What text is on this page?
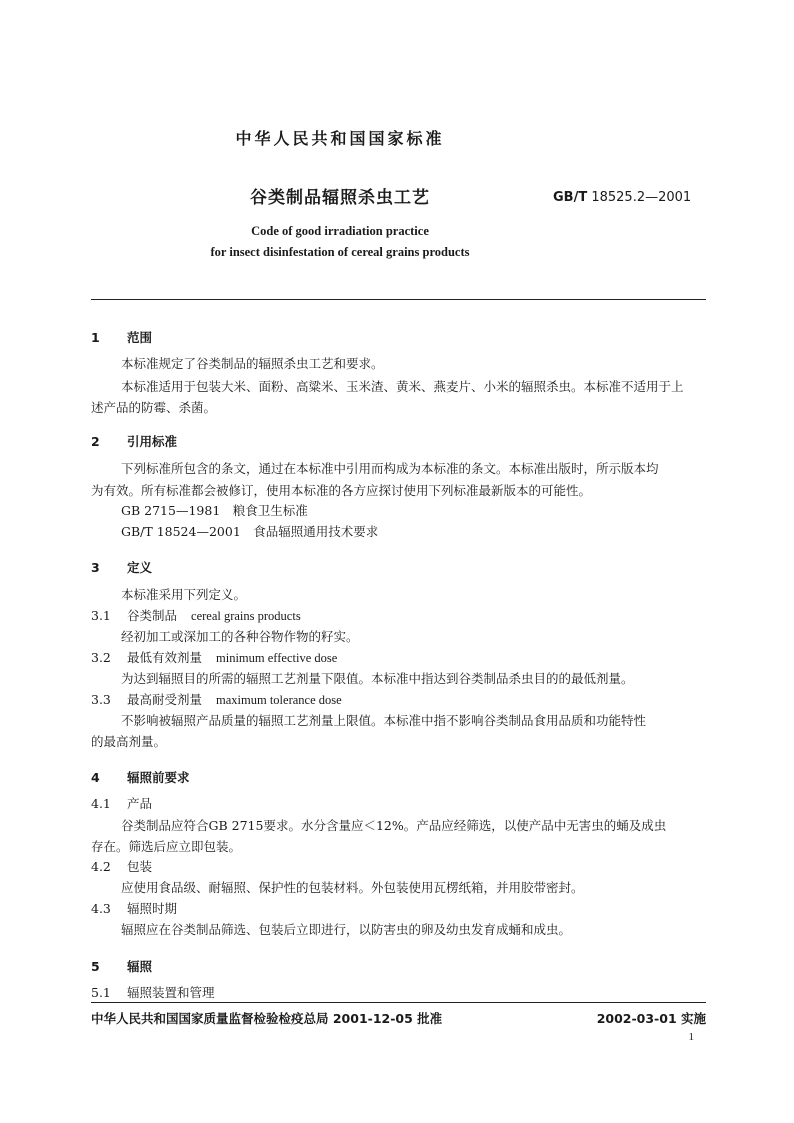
中华人民共和国国家标准
谷类制品辐照杀虫工艺	GB/T 18525.2—2001
Code of good irradiation practice
for insect disinfestation of cereal grains products
1 范围
本标准规定了谷类制品的辐照杀虫工艺和要求。
本标准适用于包装大米、面粉、高粱米、玉米渣、黄米、燕麦片、小米的辐照杀虫。本标准不适用于上
述产品的防霉、杀菌。
2 引用标准
下列标准所包含的条文，通过在本标准中引用而构成为本标准的条文。本标准出版时，所示版本均
为有效。所有标准都会被修订，使用本标准的各方应探讨使用下列标准最新版本的可能性。
GB 2715—1981　粮食卫生标准
GB/T 18524—2001　食品辐照通用技术要求
3 定义
本标准采用下列定义。
3.1 谷类制品 cereal grains products
经初加工或深加工的各种谷物作物的籽实。
3.2 最低有效剂量 minimum effective dose
为达到辐照目的所需的辐照工艺剂量下限值。本标准中指达到谷类制品杀虫目的的最低剂量。
3.3 最高耐受剂量 maximum tolerance dose
不影响被辐照产品质量的辐照工艺剂量上限值。本标准中指不影响谷类制品食用品质和功能特性
的最高剂量。
4 辐照前要求
4.1 产品
谷类制品应符合GB 2715要求。水分含量应＜12%。产品应经筛选，以使产品中无害虫的蛹及成虫
存在。筛选后应立即包装。
4.2 包装
应使用食品级、耐辐照、保护性的包装材料。外包装使用瓦楞纸箱，并用胶带密封。
4.3 辐照时期
辐照应在谷类制品筛选、包装后立即进行，以防害虫的卵及幼虫发育成蛹和成虫。
5 辐照
5.1 辐照装置和管理
中华人民共和国国家质量监督检验检疫总局 2001-12-05 批准	2002-03-01 实施
1
